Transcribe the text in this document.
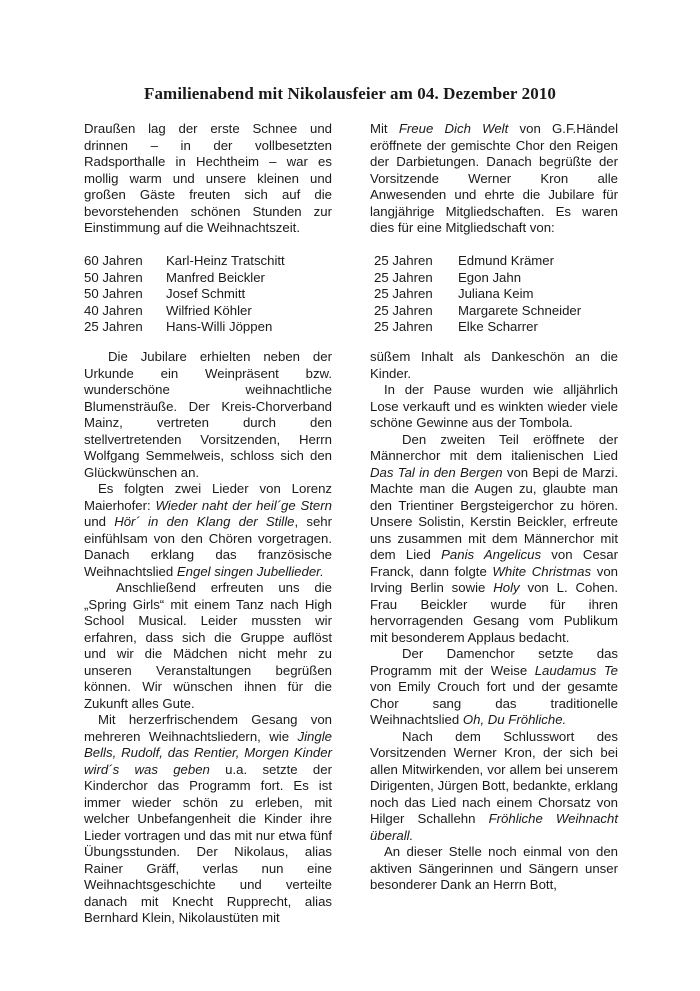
Familienabend mit Nikolausfeier am 04. Dezember 2010

Draußen lag der erste Schnee und drinnen – in der vollbesetzten Radsporthalle in Hechtheim – war es mollig warm und unsere kleinen und großen Gäste freuten sich auf die bevorstehenden schönen Stunden zur Einstimmung auf die Weihnachtszeit.

60 Jahren	Karl-Heinz Tratschitt
50 Jahren	Manfred Beickler
50 Jahren	Josef Schmitt
40 Jahren	Wilfried Köhler
25 Jahren	Hans-Willi Jöppen

Die Jubilare erhielten neben der Urkunde ein Weinpräsent bzw. wunderschöne weihnachtliche Blumensträuße. Der Kreis-Chorverband Mainz, vertreten durch den stellvertretenden Vorsitzenden, Herrn Wolfgang Semmelweis, schloss sich den Glückwünschen an.

Es folgten zwei Lieder von Lorenz Maierhofer: Wieder naht der heil´ge Stern und Hör´ in den Klang der Stille, sehr einfühlsam von den Chören vorgetragen. Danach erklang das französische Weihnachtslied Engel singen Jubellieder.

Anschließend erfreuten uns die „Spring Girls“ mit einem Tanz nach High School Musical. Leider mussten wir erfahren, dass sich die Gruppe auflöst und wir die Mädchen nicht mehr zu unseren Veranstaltungen begrüßen können. Wir wünschen ihnen für die Zukunft alles Gute.

Mit herzerfrischendem Gesang von mehreren Weihnachtsliedern, wie Jingle Bells, Rudolf, das Rentier, Morgen Kinder wird´s was geben u.a. setzte der Kinderchor das Programm fort. Es ist immer wieder schön zu erleben, mit welcher Unbefangenheit die Kinder ihre Lieder vortragen und das mit nur etwa fünf Übungsstunden. Der Nikolaus, alias Rainer Gräff, verlas nun eine Weihnachtsgeschichte und verteilte danach mit Knecht Rupprecht, alias Bernhard Klein, Nikolaustüten mit

Mit Freue Dich Welt von G.F.Händel eröffnete der gemischte Chor den Reigen der Darbietungen. Danach begrüßte der Vorsitzende Werner Kron alle Anwesenden und ehrte die Jubilare für langjährige Mitgliedschaften. Es waren dies für eine Mitgliedschaft von:

25 Jahren	Edmund Krämer
25 Jahren	Egon Jahn
25 Jahren	Juliana Keim
25 Jahren	Margarete Schneider
25 Jahren	Elke Scharrer

süßem Inhalt als Dankeschön an die Kinder.

In der Pause wurden wie alljährlich Lose verkauft und es winkten wieder viele schöne Gewinne aus der Tombola.

Den zweiten Teil eröffnete der Männerchor mit dem italienischen Lied Das Tal in den Bergen von Bepi de Marzi. Machte man die Augen zu, glaubte man den Trientiner Bergsteigerchor zu hören. Unsere Solistin, Kerstin Beickler, erfreute uns zusammen mit dem Männerchor mit dem Lied Panis Angelicus von Cesar Franck, dann folgte White Christmas von Irving Berlin sowie Holy von L. Cohen. Frau Beickler wurde für ihren hervorragenden Gesang vom Publikum mit besonderem Applaus bedacht.

Der Damenchor setzte das Programm mit der Weise Laudamus Te von Emily Crouch fort und der gesamte Chor sang das traditionelle Weihnachtslied Oh, Du Fröhliche.

Nach dem Schlusswort des Vorsitzenden Werner Kron, der sich bei allen Mitwirkenden, vor allem bei unserem Dirigenten, Jürgen Bott, bedankte, erklang noch das Lied nach einem Chorsatz von Hilger Schallehn Fröhliche Weihnacht überall.

An dieser Stelle noch einmal von den aktiven Sängerinnen und Sängern unser besonderer Dank an Herrn Bott,
